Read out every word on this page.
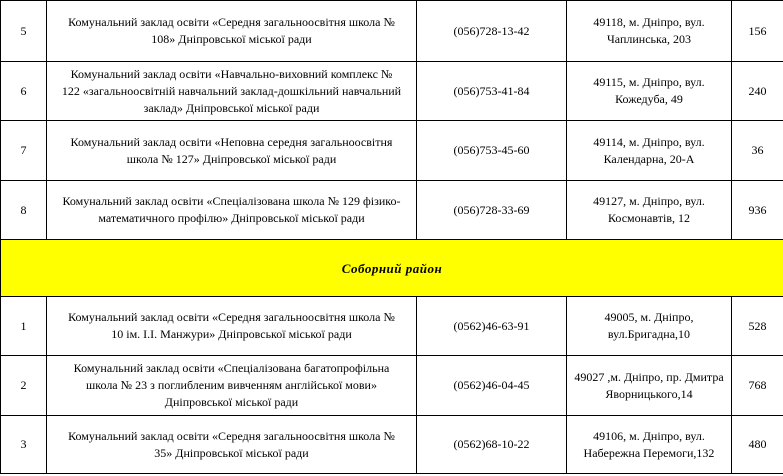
5	Комунальний заклад освіти «Середня загальноосвітня школа №
108» Дніпровської міської ради	(056)728-13-42	49118, м. Дніпро, вул.
Чаплинська, 203	156
6	Комунальний заклад освіти «Навчально-виховний комплекс №
122 «загальноосвітній навчальний заклад-дошкільний навчальний
заклад» Дніпровської міської ради	(056)753-41-84	49115, м. Дніпро, вул.
Кожедуба, 49	240
7	Комунальний заклад освіти «Неповна середня загальноосвітня
школа № 127» Дніпровської міської ради	(056)753-45-60	49114, м. Дніпро, вул.
Календарна, 20-А	36
8	Комунальний заклад освіти «Спеціалізована школа № 129 фізико-
математичного профілю» Дніпровської міської ради	(056)728-33-69	49127, м. Дніпро, вул.
Космонавтів, 12	936
Соборний район				
1	Комунальний заклад освіти «Середня загальноосвітня школа №
10 ім. І.І. Манжури» Дніпровської міської ради	(0562)46-63-91	49005, м. Дніпро,
вул.Бригадна,10	528
2	Комунальний заклад освіти «Спеціалізована багатопрофільна
школа № 23 з поглибленим вивченням англійської мови»
Дніпровської міської ради	(0562)46-04-45	49027 ,м. Дніпро, пр. Дмитра
Яворницького,14	768
3	Комунальний заклад освіти «Середня загальноосвітня школа №
35» Дніпровської міської ради	(0562)68-10-22	49106, м. Дніпро, вул.
Набережна Перемоги,132	480
